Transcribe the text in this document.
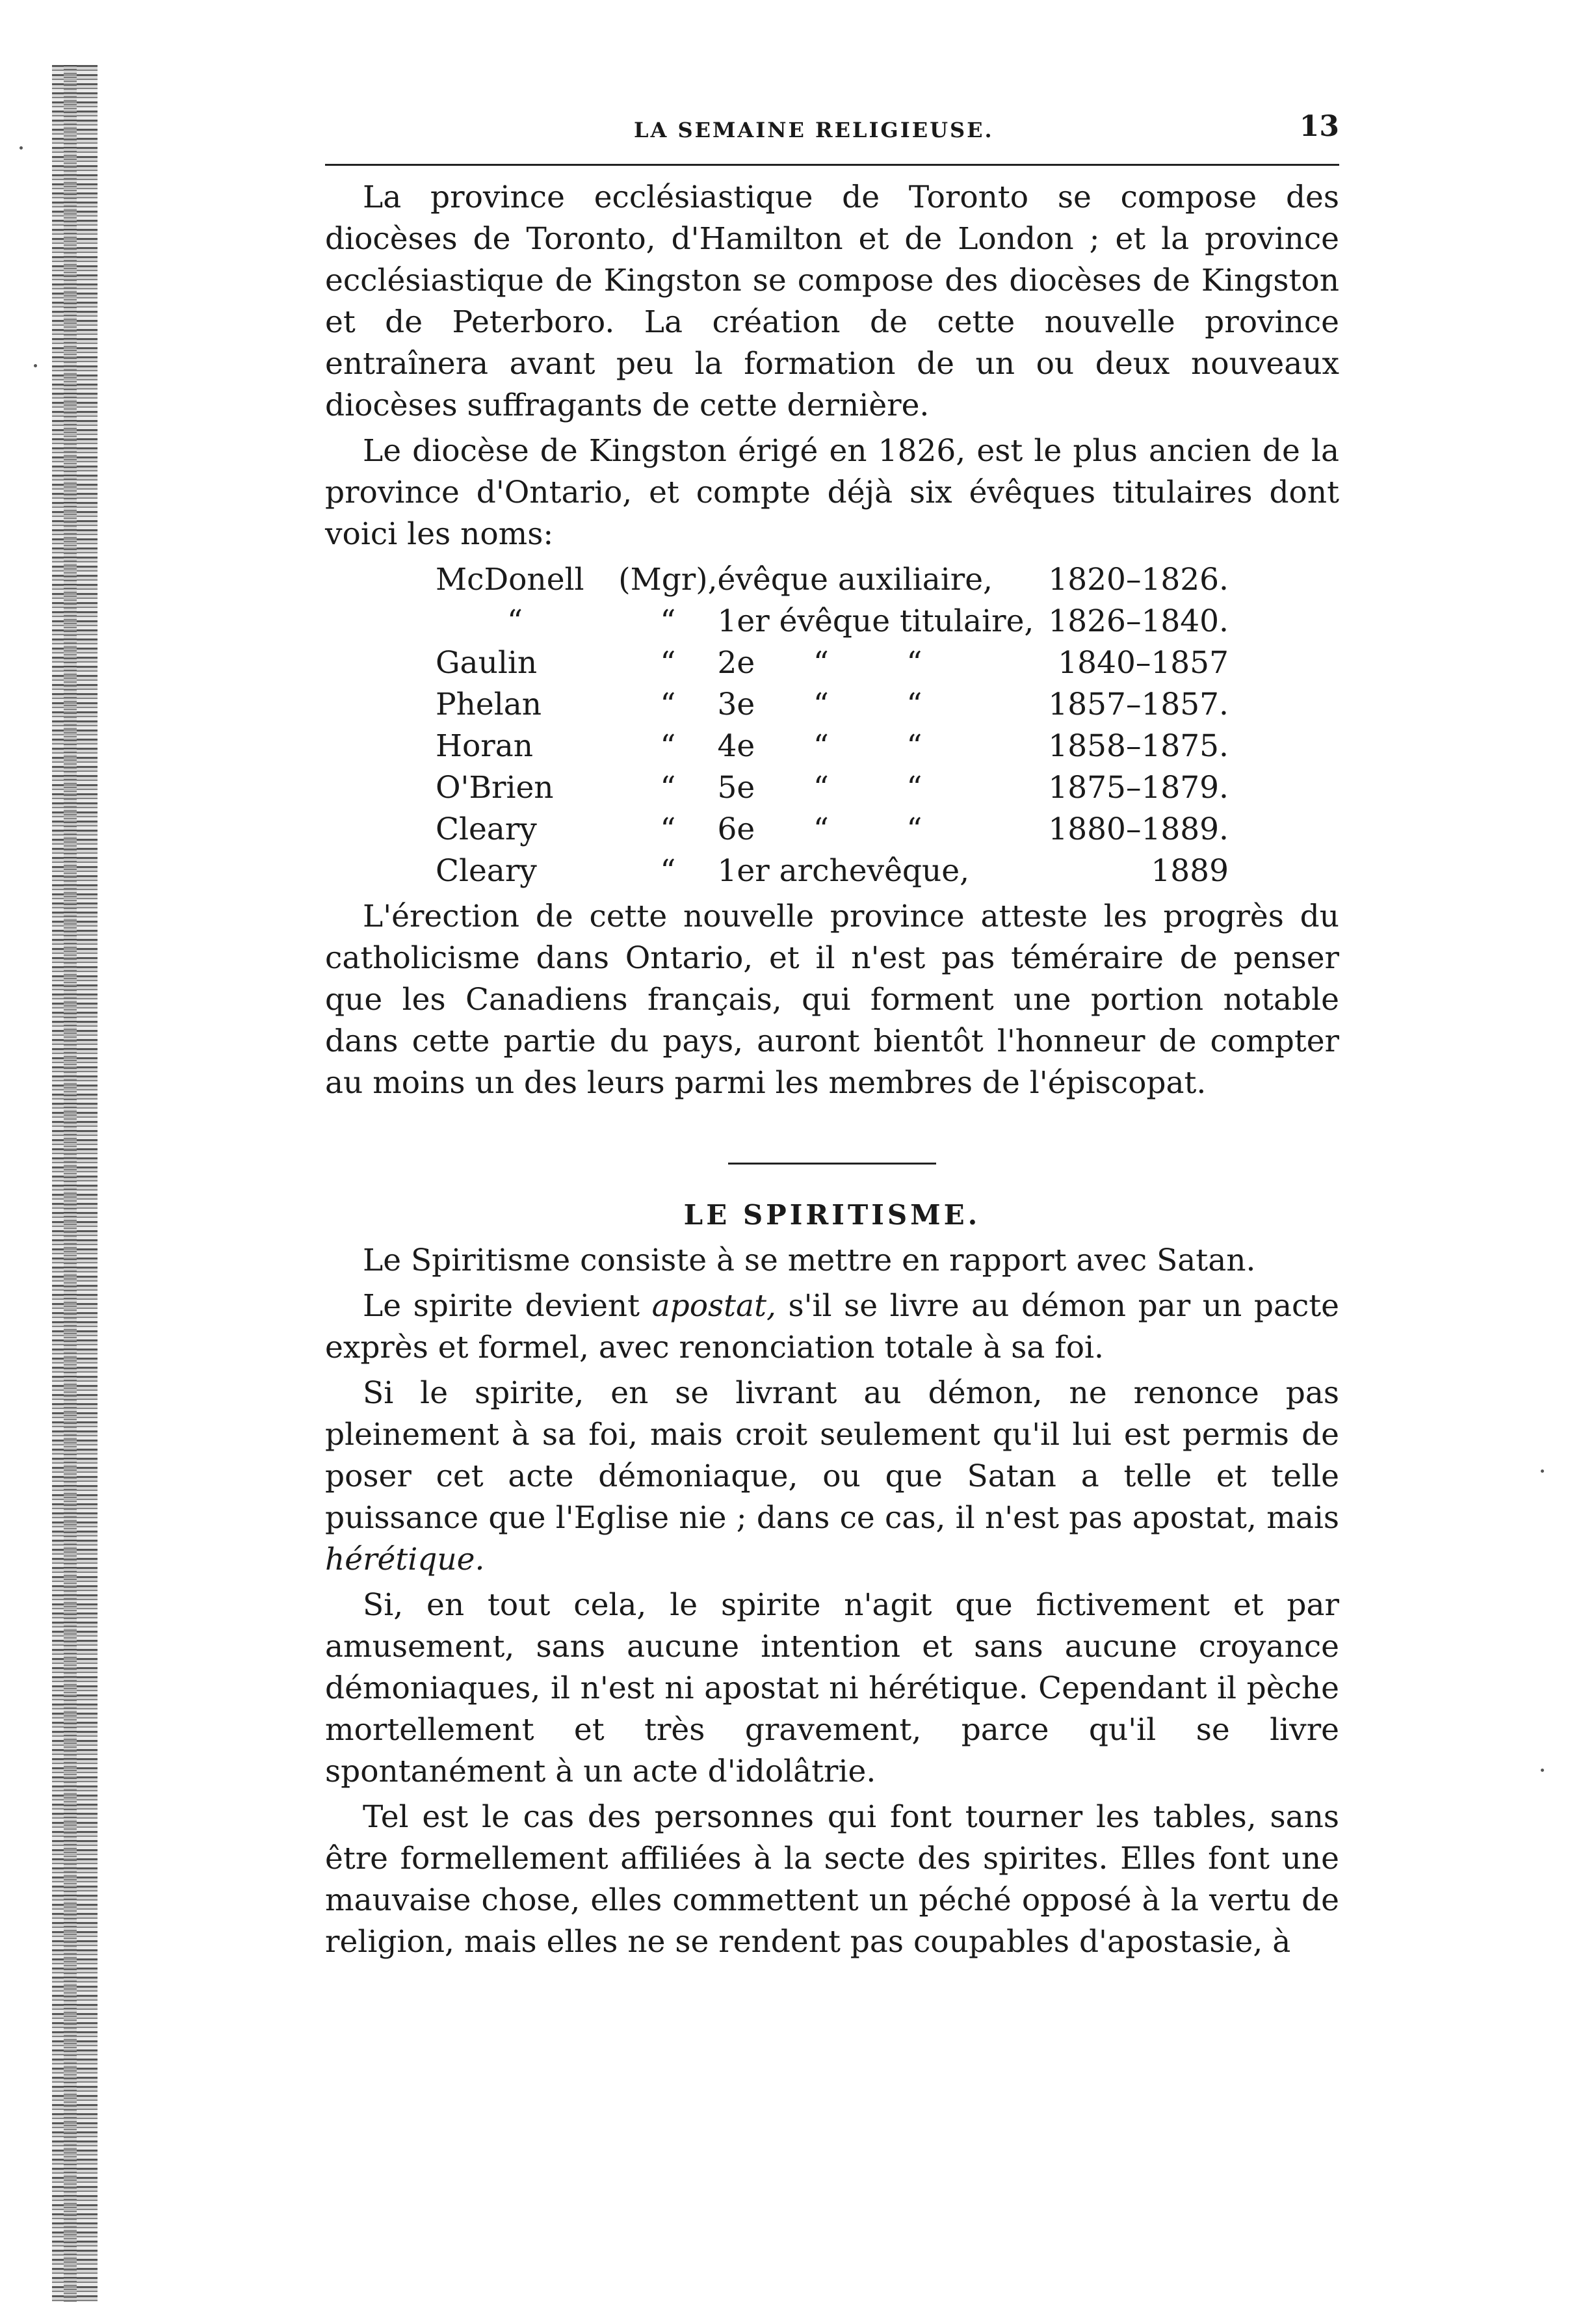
LA SEMAINE RELIGIEUSE.	13

La province ecclésiastique de Toronto se compose des diocèses de Toronto, d'Hamilton et de London ; et la province ecclésiastique de Kingston se compose des diocèses de Kingston et de Peterboro. La création de cette nouvelle province entraînera avant peu la formation de un ou deux nouveaux diocèses suffragants de cette dernière.

Le diocèse de Kingston érigé en 1826, est le plus ancien de la province d'Ontario, et compte déjà six évêques titulaires dont voici les noms:

McDonell	(Mgr),	évêque auxiliaire,	1820–1826.
“	“	1er évêque titulaire,	1826–1840.
Gaulin	“	2e      “        “	1840–1857
Phelan	“	3e      “        “	1857–1857.
Horan	“	4e      “        “	1858–1875.
O'Brien	“	5e      “        “	1875–1879.
Cleary	“	6e      “        “	1880–1889.
Cleary	“	1er archevêque,	1889

L'érection de cette nouvelle province atteste les progrès du catholicisme dans Ontario, et il n'est pas téméraire de penser que les Canadiens français, qui forment une portion notable dans cette partie du pays, auront bientôt l'honneur de compter au moins un des leurs parmi les membres de l'épiscopat.

LE SPIRITISME.

Le Spiritisme consiste à se mettre en rapport avec Satan.

Le spirite devient apostat, s'il se livre au démon par un pacte exprès et formel, avec renonciation totale à sa foi.

Si le spirite, en se livrant au démon, ne renonce pas pleinement à sa foi, mais croit seulement qu'il lui est permis de poser cet acte démoniaque, ou que Satan a telle et telle puissance que l'Eglise nie ; dans ce cas, il n'est pas apostat, mais hérétique.

Si, en tout cela, le spirite n'agit que fictivement et par amusement, sans aucune intention et sans aucune croyance démoniaques, il n'est ni apostat ni hérétique. Cependant il pèche mortellement et très gravement, parce qu'il se livre spontanément à un acte d'idolâtrie.

Tel est le cas des personnes qui font tourner les tables, sans être formellement affiliées à la secte des spirites. Elles font une mauvaise chose, elles commettent un péché opposé à la vertu de religion, mais elles ne se rendent pas coupables d'apostasie, à
